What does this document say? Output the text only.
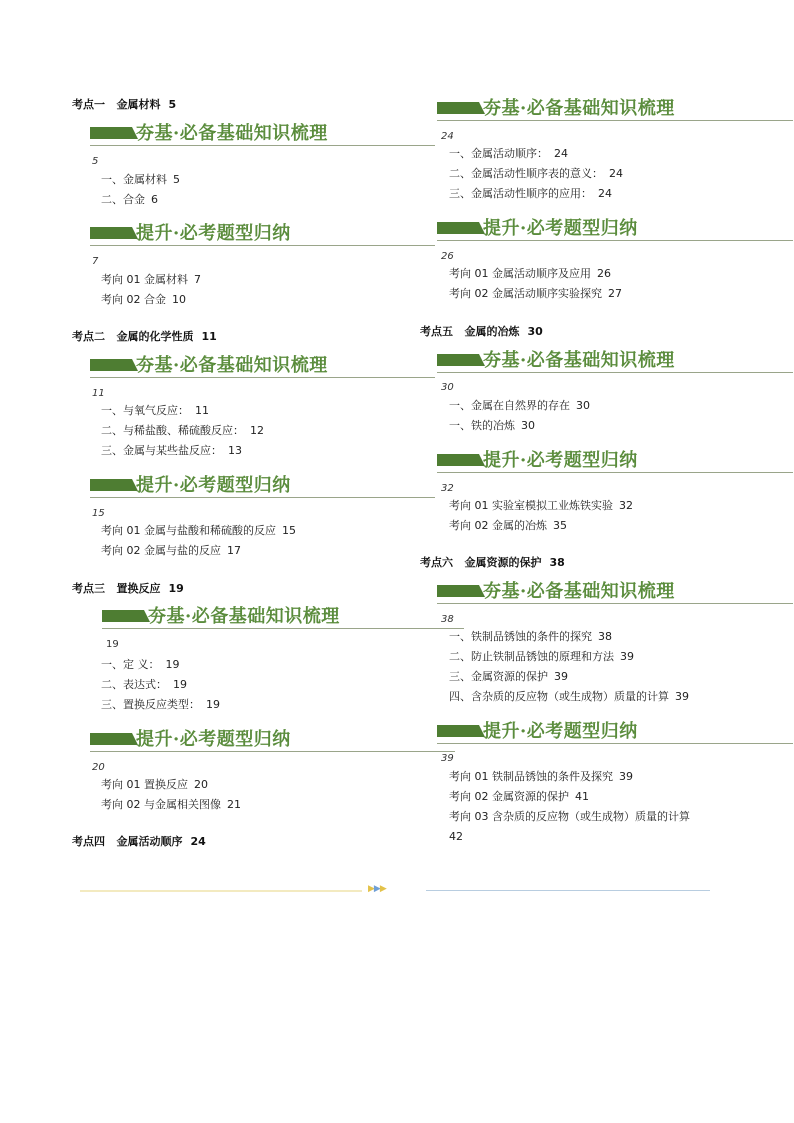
考点一 金属材料 5
夯基·必备基础知识梳理
5
一、金属材料 5
二、合金 6
提升·必考题型归纳
7
考向 01 金属材料 7
考向 02 合金 10
考点二 金属的化学性质 11
夯基·必备基础知识梳理
11
一、与氧气反应： 11
二、与稀盐酸、稀硫酸反应： 12
三、金属与某些盐反应： 13
提升·必考题型归纳
15
考向 01 金属与盐酸和稀硫酸的反应 15
考向 02 金属与盐的反应 17
考点三 置换反应 19
夯基·必备基础知识梳理
19
一、定 义： 19
二、表达式： 19
三、置换反应类型： 19
提升·必考题型归纳
20
考向 01 置换反应 20
考向 02 与金属相关图像 21
考点四 金属活动顺序 24
夯基·必备基础知识梳理
24
一、金属活动顺序： 24
二、金属活动性顺序表的意义： 24
三、金属活动性顺序的应用： 24
提升·必考题型归纳
26
考向 01 金属活动顺序及应用 26
考向 02 金属活动顺序实验探究 27
考点五 金属的冶炼 30
夯基·必备基础知识梳理
30
一、金属在自然界的存在 30
一、铁的冶炼 30
提升·必考题型归纳
32
考向 01 实验室模拟工业炼铁实验 32
考向 02 金属的冶炼 35
考点六 金属资源的保护 38
夯基·必备基础知识梳理
38
一、铁制品锈蚀的条件的探究 38
二、防止铁制品锈蚀的原理和方法 39
三、金属资源的保护 39
四、含杂质的反应物（或生成物）质量的计算 39
提升·必考题型归纳
39
考向 01 铁制品锈蚀的条件及探究 39
考向 02 金属资源的保护 41
考向 03 含杂质的反应物（或生成物）质量的计算
42
▶▶▶
